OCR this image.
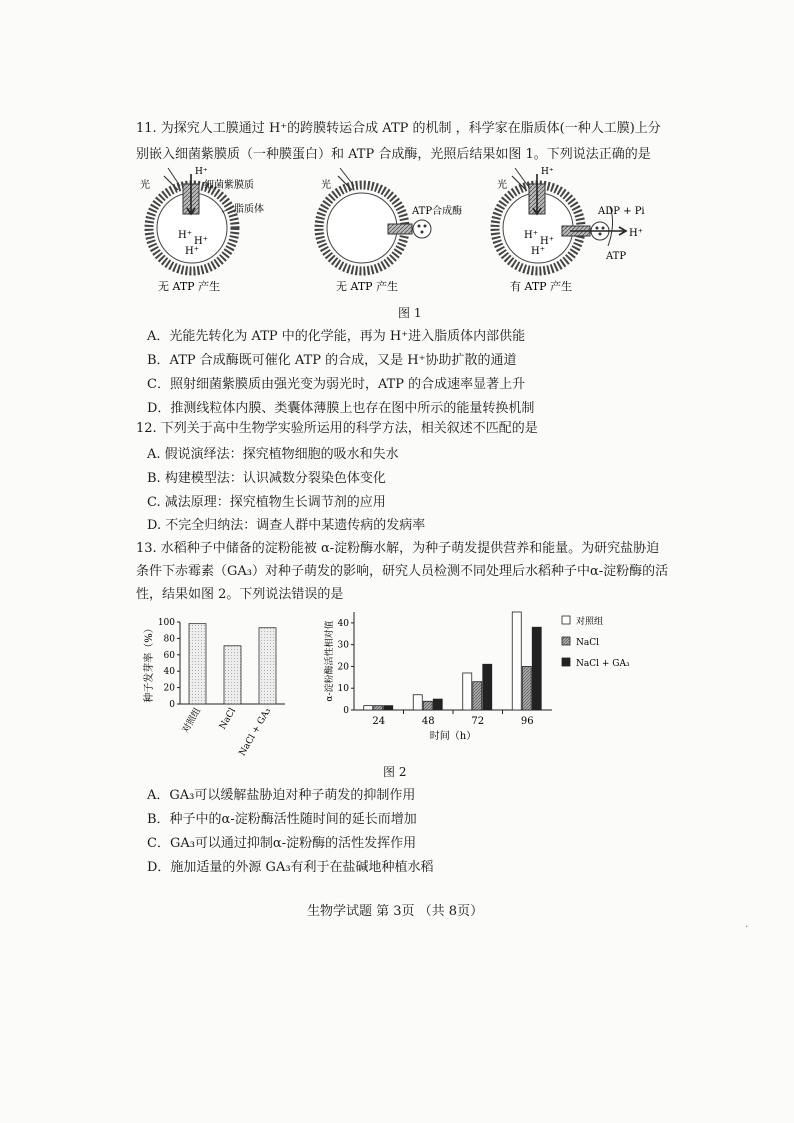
11. 为探究人工膜通过 H⁺的跨膜转运合成 ATP 的机制 ，科学家在脂质体(一种人工膜)上分
别嵌入细菌紫膜质（一种膜蛋白）和 ATP 合成酶，光照后结果如图 1。下列说法正确的是
光
H⁺
细菌紫膜质
脂质体
H⁺
H⁺
H⁺
无 ATP 产生
光
ATP合成酶
无 ATP 产生
光
H⁺
ADP + Pi
H⁺
ATP
H⁺
H⁺
H⁺
有 ATP 产生
图 1
A．光能先转化为 ATP 中的化学能，再为 H⁺进入脂质体内部供能
B．ATP 合成酶既可催化 ATP 的合成，又是 H⁺协助扩散的通道
C．照射细菌紫膜质由强光变为弱光时，ATP 的合成速率显著上升
D．推测线粒体内膜、类囊体薄膜上也存在图中所示的能量转换机制
12. 下列关于高中生物学实验所运用的科学方法，相关叙述不匹配的是
A. 假说演绎法：探究植物细胞的吸水和失水
B. 构建模型法：认识减数分裂染色体变化
C. 减法原理：探究植物生长调节剂的应用
D. 不完全归纳法：调查人群中某遗传病的发病率
13. 水稻种子中储备的淀粉能被 α-淀粉酶水解，为种子萌发提供营养和能量。为研究盐胁迫
条件下赤霉素（GA₃）对种子萌发的影响，研究人员检测不同处理后水稻种子中α-淀粉酶的活
性，结果如图 2。下列说法错误的是
0
20
40
60
80
100
种子发芽率（%）
对照组 NaCl NaCl + GA₃	0
10
20
30
40
α-淀粉酶活性相对值
24	48	72	96
时间（h）
对照组
NaCl
NaCl + GA₃
图 2
A．GA₃可以缓解盐胁迫对种子萌发的抑制作用
B．种子中的α-淀粉酶活性随时间的延长而增加
C．GA₃可以通过抑制α-淀粉酶的活性发挥作用
D．施加适量的外源 GA₃有利于在盐碱地种植水稻
生物学试题 第 3页 （共 8页）
·
